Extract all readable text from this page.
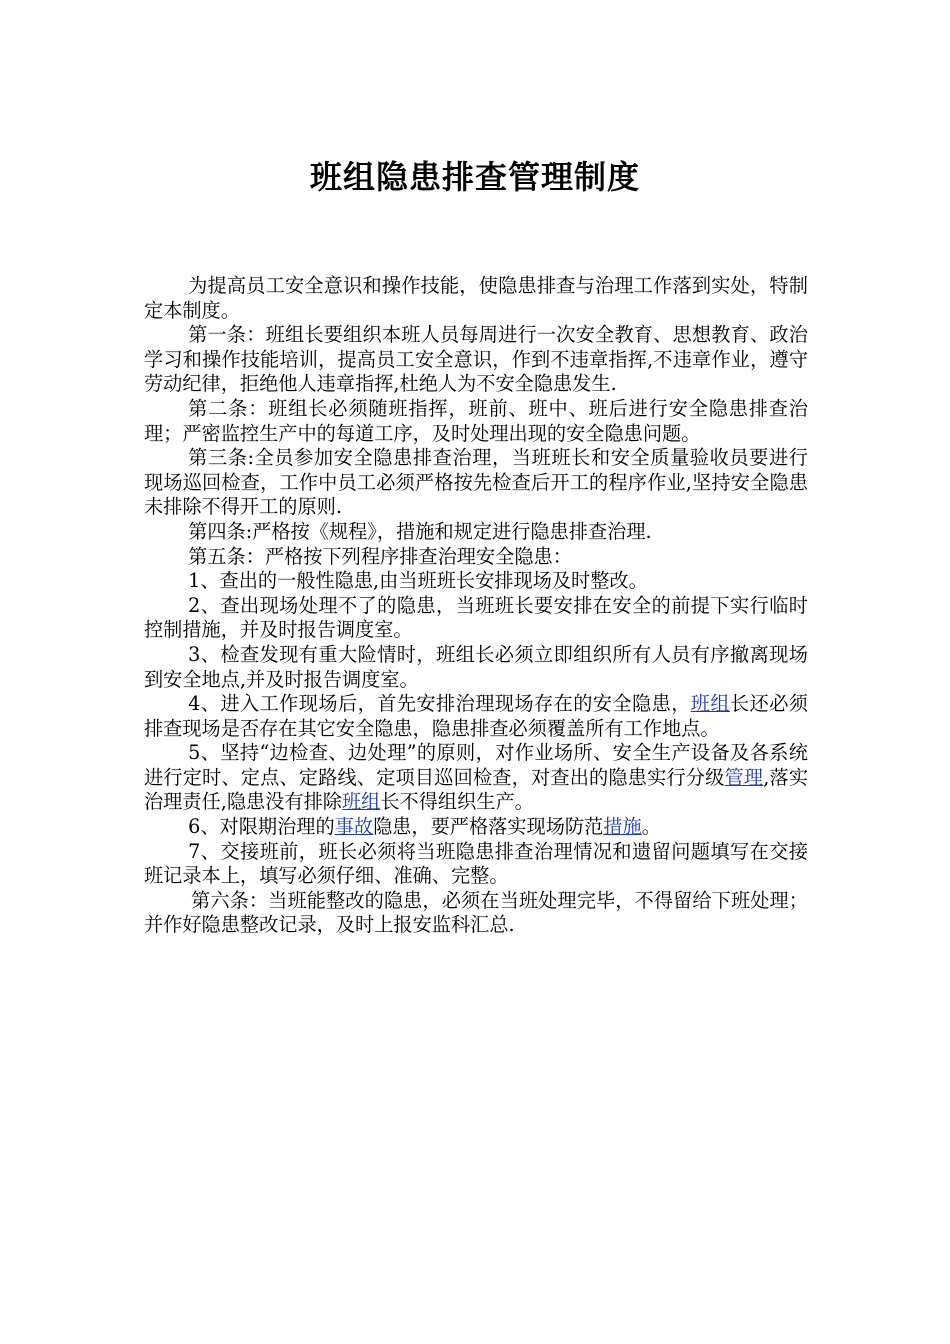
班组隐患排查管理制度

为提高员工安全意识和操作技能，使隐患排查与治理工作落到实处，特制定本制度。

第一条：班组长要组织本班人员每周进行一次安全教育、思想教育、政治学习和操作技能培训，提高员工安全意识，作到不违章指挥,不违章作业，遵守劳动纪律，拒绝他人违章指挥,杜绝人为不安全隐患发生.

第二条：班组长必须随班指挥，班前、班中、班后进行安全隐患排查治理；严密监控生产中的每道工序，及时处理出现的安全隐患问题。

第三条:全员参加安全隐患排查治理，当班班长和安全质量验收员要进行现场巡回检查，工作中员工必须严格按先检查后开工的程序作业,坚持安全隐患未排除不得开工的原则.

第四条:严格按《规程》，措施和规定进行隐患排查治理.

第五条：严格按下列程序排查治理安全隐患：

1、查出的一般性隐患,由当班班长安排现场及时整改。

2、查出现场处理不了的隐患，当班班长要安排在安全的前提下实行临时控制措施，并及时报告调度室。

3、检查发现有重大险情时，班组长必须立即组织所有人员有序撤离现场到安全地点,并及时报告调度室。

4、进入工作现场后，首先安排治理现场存在的安全隐患，班组长还必须排查现场是否存在其它安全隐患，隐患排查必须覆盖所有工作地点。

5、坚持“边检查、边处理”的原则，对作业场所、安全生产设备及各系统进行定时、定点、定路线、定项目巡回检查，对查出的隐患实行分级管理,落实治理责任,隐患没有排除班组长不得组织生产。

6、对限期治理的事故隐患，要严格落实现场防范措施。

7、交接班前，班长必须将当班隐患排查治理情况和遗留问题填写在交接班记录本上，填写必须仔细、准确、完整。

第六条：当班能整改的隐患，必须在当班处理完毕，不得留给下班处理；并作好隐患整改记录，及时上报安监科汇总.
